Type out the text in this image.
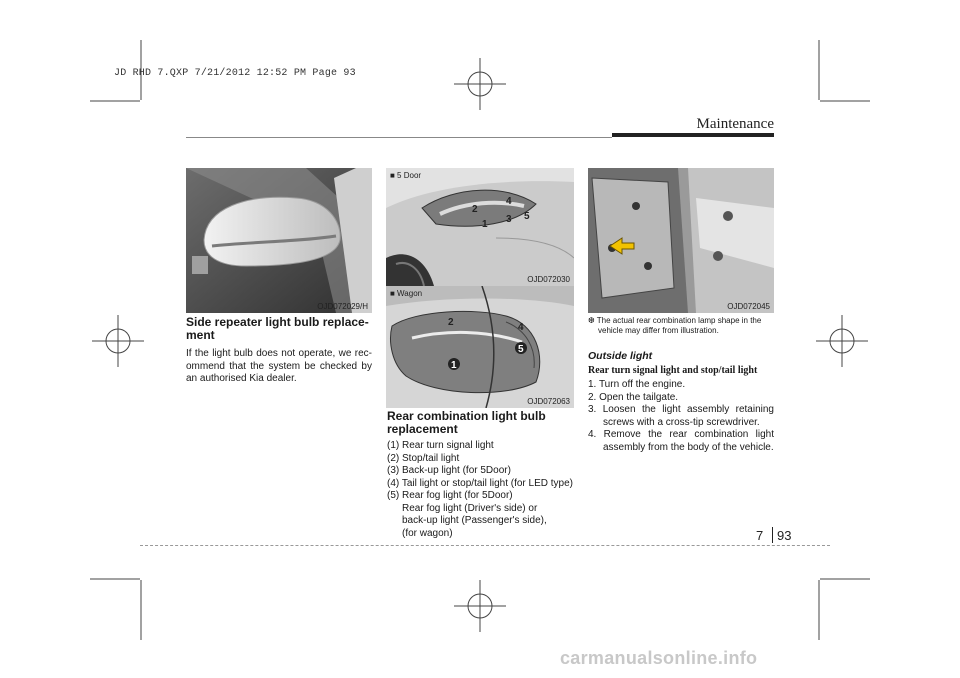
JD RHD 7.QXP 7/21/2012 12:52 PM Page 93
Maintenance
OJD072029/H
2
1 3
4
5
■ 5 Door
OJD072030
2
1
4
5
■ Wagon
OJD072063
OJD072045
Side repeater light bulb replace-ment

If the light bulb does not operate, we rec-ommend that the system be checked by an authorised Kia dealer.

Rear combination light bulb replacement
(1) Rear turn signal light
(2) Stop/tail light
(3) Back-up light (for 5Door)
(4) Tail light or stop/tail light (for LED type)
(5) Rear fog light (for 5Door)
Rear fog light (Driver's side) or
back-up light (Passenger's side),
(for wagon)

❆ The actual rear combination lamp shape in the vehicle may differ from illustration.

Outside light

Rear turn signal light and stop/tail light

1. Turn off the engine.
2. Open the tailgate.
3. Loosen the light assembly retaining screws with a cross-tip screwdriver.
4. Remove the rear combination light assembly from the body of the vehicle.
7 93
carmanualsonline.info
